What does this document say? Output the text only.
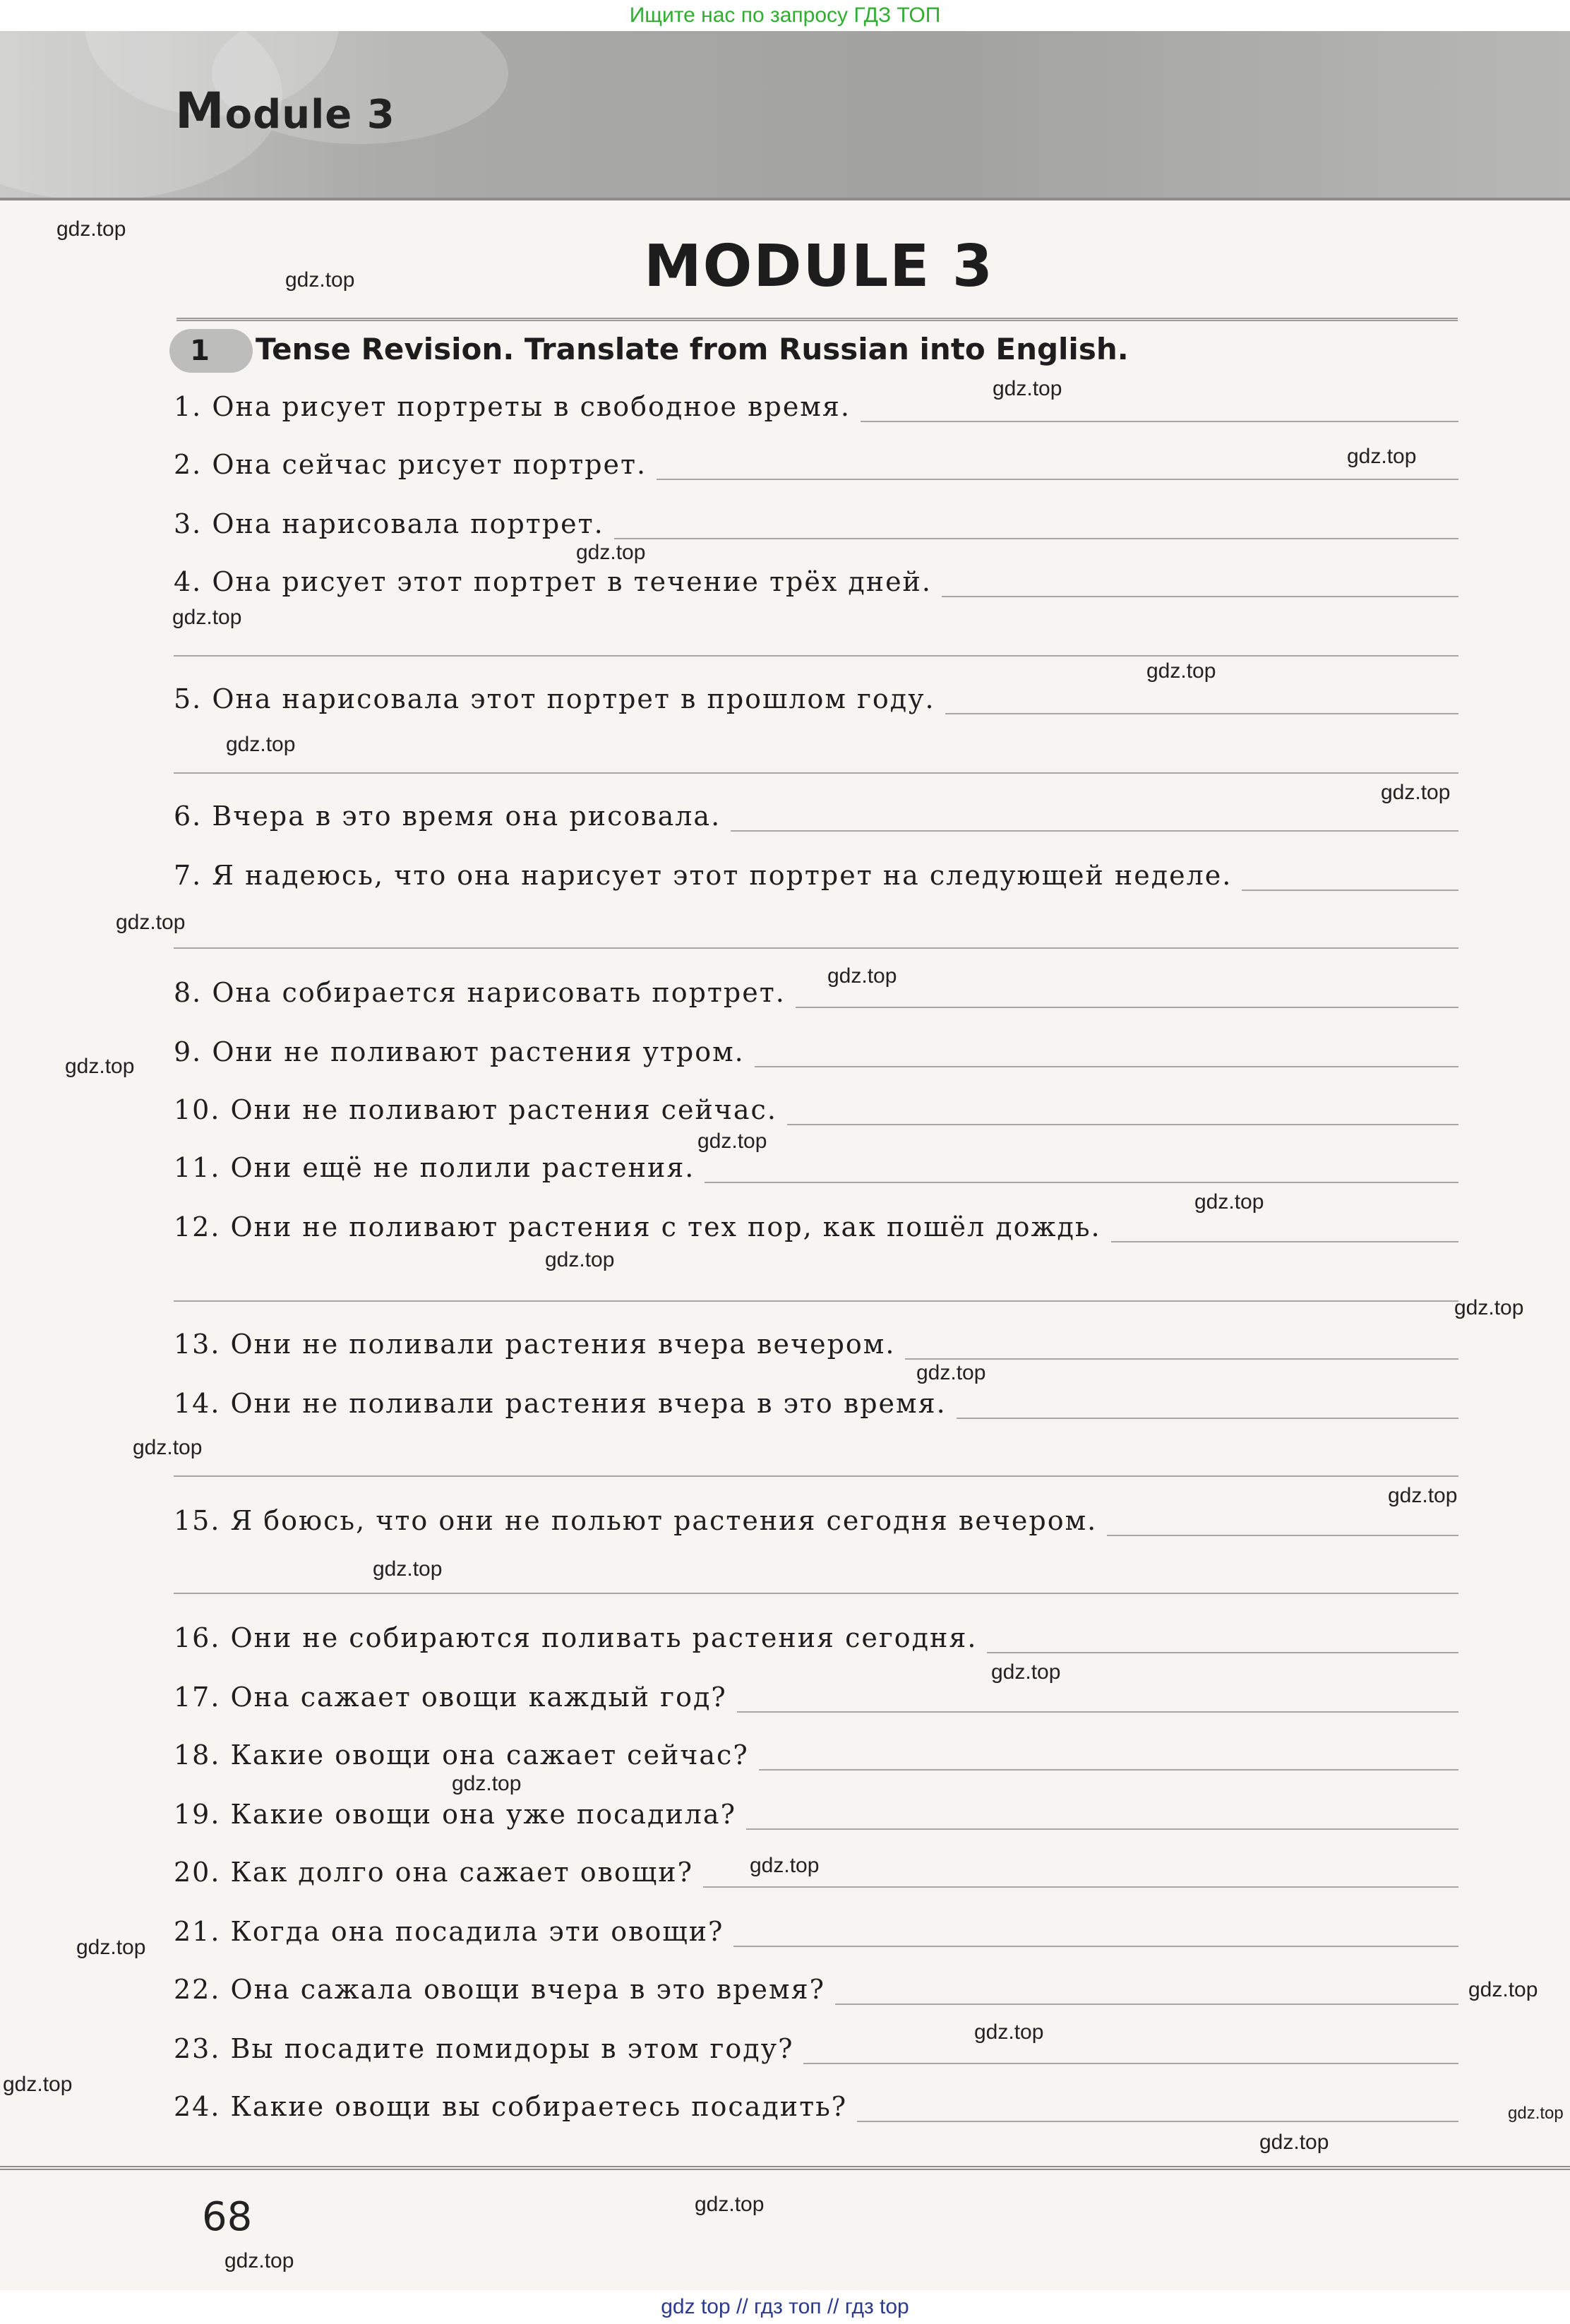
Ищите нас по запросу ГДЗ ТОП
Module 3
MODULE 3
1	Tense Revision. Translate from Russian into English.
1. Она рисует портреты в свободное время.
2. Она сейчас рисует портрет.
3. Она нарисовала портрет.
4. Она рисует этот портрет в течение трёх дней.
5. Она нарисовала этот портрет в прошлом году.
6. Вчера в это время она рисовала.
7. Я надеюсь, что она нарисует этот портрет на следующей неделе.
8. Она собирается нарисовать портрет.
9. Они не поливают растения утром.
10. Они не поливают растения сейчас.
11. Они ещё не полили растения.
12. Они не поливают растения с тех пор, как пошёл дождь.
13. Они не поливали растения вчера вечером.
14. Они не поливали растения вчера в это время.
15. Я боюсь, что они не польют растения сегодня вечером.
16. Они не собираются поливать растения сегодня.
17. Она сажает овощи каждый год?
18. Какие овощи она сажает сейчас?
19. Какие овощи она уже посадила?
20. Как долго она сажает овощи?
21. Когда она посадила эти овощи?
22. Она сажала овощи вчера в это время?
23. Вы посадите помидоры в этом году?
24. Какие овощи вы собираетесь посадить?
68
gdz.top
gdz.top
gdz.top
gdz.top
gdz.top
gdz.top
gdz.top
gdz.top
gdz.top
gdz.top
gdz.top
gdz.top
gdz.top
gdz.top
gdz.top
gdz.top
gdz.top
gdz.top
gdz.top
gdz.top
gdz.top
gdz.top
gdz.top
gdz.top
gdz.top
gdz.top
gdz.top
gdz.top
gdz.top
gdz.top
gdz.top
gdz top // гдз топ // гдз top
